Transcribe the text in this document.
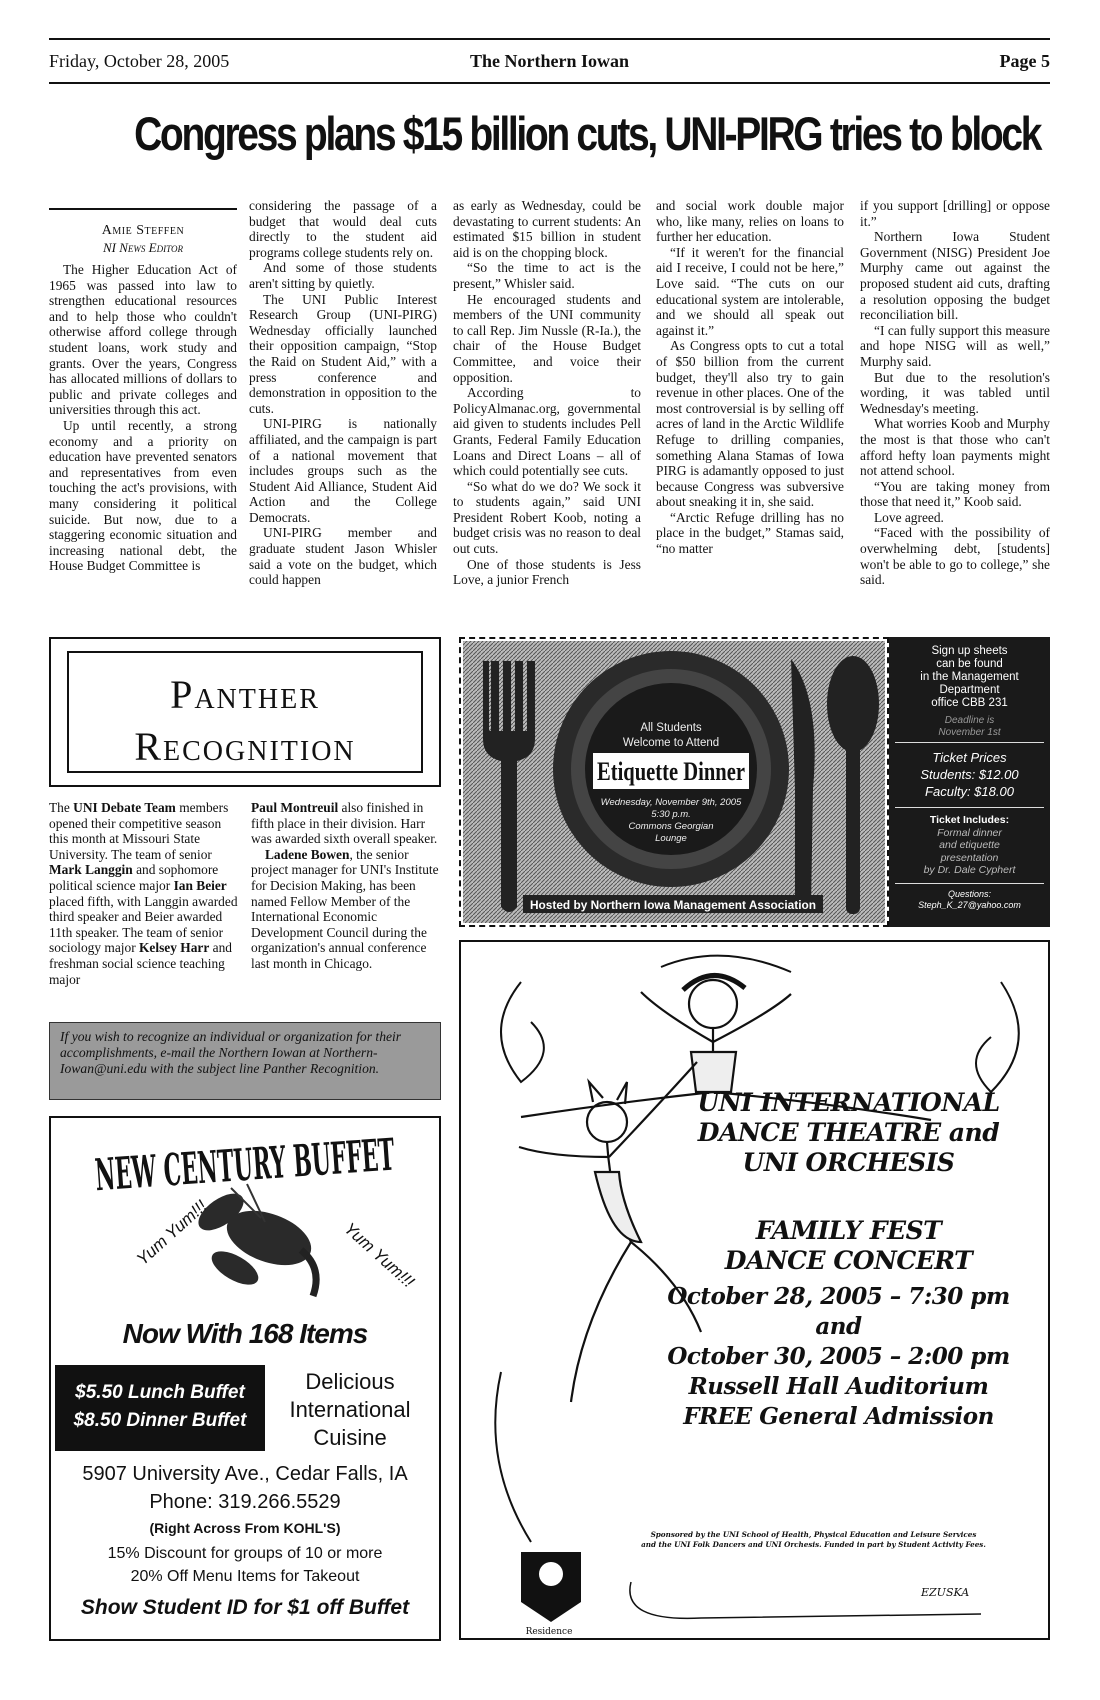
The Northern Iowan
Friday, October 28, 2005	Page 5
Congress plans $15 billion cuts, UNI-PIRG tries to block
Amie Steffen
NI News Editor

The Higher Education Act of 1965 was passed into law to strengthen educational resources and to help those who couldn't otherwise afford college through student loans, work study and grants. Over the years, Congress has allocated millions of dollars to public and private colleges and universities through this act.

Up until recently, a strong economy and a priority on education have prevented senators and representatives from even touching the act's provisions, with many considering it political suicide. But now, due to a staggering economic situation and increasing national debt, the House Budget Committee is

considering the passage of a budget that would deal cuts directly to the student aid programs college students rely on.

And some of those students aren't sitting by quietly.

The UNI Public Interest Research Group (UNI-PIRG) Wednesday officially launched their opposition campaign, “Stop the Raid on Student Aid,” with a press conference and demonstration in opposition to the cuts.

UNI-PIRG is nationally affiliated, and the campaign is part of a national movement that includes groups such as the Student Aid Alliance, Student Aid Action and the College Democrats.

UNI-PIRG member and graduate student Jason Whisler said a vote on the budget, which could happen

as early as Wednesday, could be devastating to current students: An estimated $15 billion in student aid is on the chopping block.

“So the time to act is the present,” Whisler said.

He encouraged students and members of the UNI community to call Rep. Jim Nussle (R-Ia.), the chair of the House Budget Committee, and voice their opposition.

According to PolicyAlmanac.org, governmental aid given to students includes Pell Grants, Federal Family Education Loans and Direct Loans – all of which could potentially see cuts.

“So what do we do? We sock it to students again,” said UNI President Robert Koob, noting a budget crisis was no reason to deal out cuts.

One of those students is Jess Love, a junior French

and social work double major who, like many, relies on loans to further her education.

“If it weren't for the financial aid I receive, I could not be here,” Love said. “The cuts on our educational system are intolerable, and we should all speak out against it.”

As Congress opts to cut a total of $50 billion from the current budget, they'll also try to gain revenue in other places. One of the most controversial is by selling off acres of land in the Arctic Wildlife Refuge to drilling companies, something Alana Stamas of Iowa PIRG is adamantly opposed to just because Congress was subversive about sneaking it in, she said.

“Arctic Refuge drilling has no place in the budget,” Stamas said, “no matter

if you support [drilling] or oppose it.”

Northern Iowa Student Government (NISG) President Joe Murphy came out against the proposed student aid cuts, drafting a resolution opposing the budget reconciliation bill.

“I can fully support this measure and hope NISG will as well,” Murphy said.

But due to the resolution's wording, it was tabled until Wednesday's meeting.

What worries Koob and Murphy the most is that those who can't afford hefty loan payments might not attend school.

“You are taking money from those that need it,” Koob said.

Love agreed.

“Faced with the possibility of overwhelming debt, [students] won't be able to go to college,” she said.

Panther
Recognition
The UNI Debate Team members opened their competitive season this month at Missouri State University. The team of senior Mark Langgin and sophomore political science major Ian Beier placed fifth, with Langgin awarded third speaker and Beier awarded 11th speaker. The team of senior sociology major Kelsey Harr and freshman social science teaching major
Paul Montreuil also finished in fifth place in their division. Harr was awarded sixth overall speaker.
Ladene Bowen, the senior project manager for UNI's Institute for Decision Making, has been named Fellow Member of the International Economic Development Council during the organization's annual conference last month in Chicago.
If you wish to recognize an individual or organization for their accomplishments, e-mail the Northern Iowan at Northern-Iowan@uni.edu with the subject line Panther Recognition.
All Students
Welcome to Attend
Etiquette Dinner
Wednesday, November 9th, 2005
5:30 p.m.
Commons Georgian
Lounge
Hosted by Northern Iowa Management Association
Sign up sheets
can be found
in the Management
Department
office CBB 231
Deadline is
November 1st
Ticket Prices
Students: $12.00
Faculty: $18.00
Ticket Includes:
Formal dinner
and etiquette
presentation
by Dr. Dale Cyphert
Questions:
Steph_K_27@yahoo.com
NEW CENTURY BUFFET
Yum Yum!!!	Yum Yum!!!
Now With 168 Items
$5.50 Lunch Buffet
$8.50 Dinner Buffet
Delicious
International
Cuisine
5907 University Ave., Cedar Falls, IA
Phone: 319.266.5529
(Right Across From KOHL'S)
15% Discount for groups of 10 or more
20% Off Menu Items for Takeout
Show Student ID for $1 off Buffet
Residence
EZUSKA
UNI INTERNATIONAL
DANCE THEATRE and
UNI ORCHESIS
FAMILY FEST
DANCE CONCERT
October 28, 2005 – 7:30 pm
and
October 30, 2005 – 2:00 pm
Russell Hall Auditorium
FREE General Admission
Sponsored by the UNI School of Health, Physical Education and Leisure Services
and the UNI Folk Dancers and UNI Orchesis. Funded in part by Student Activity Fees.
